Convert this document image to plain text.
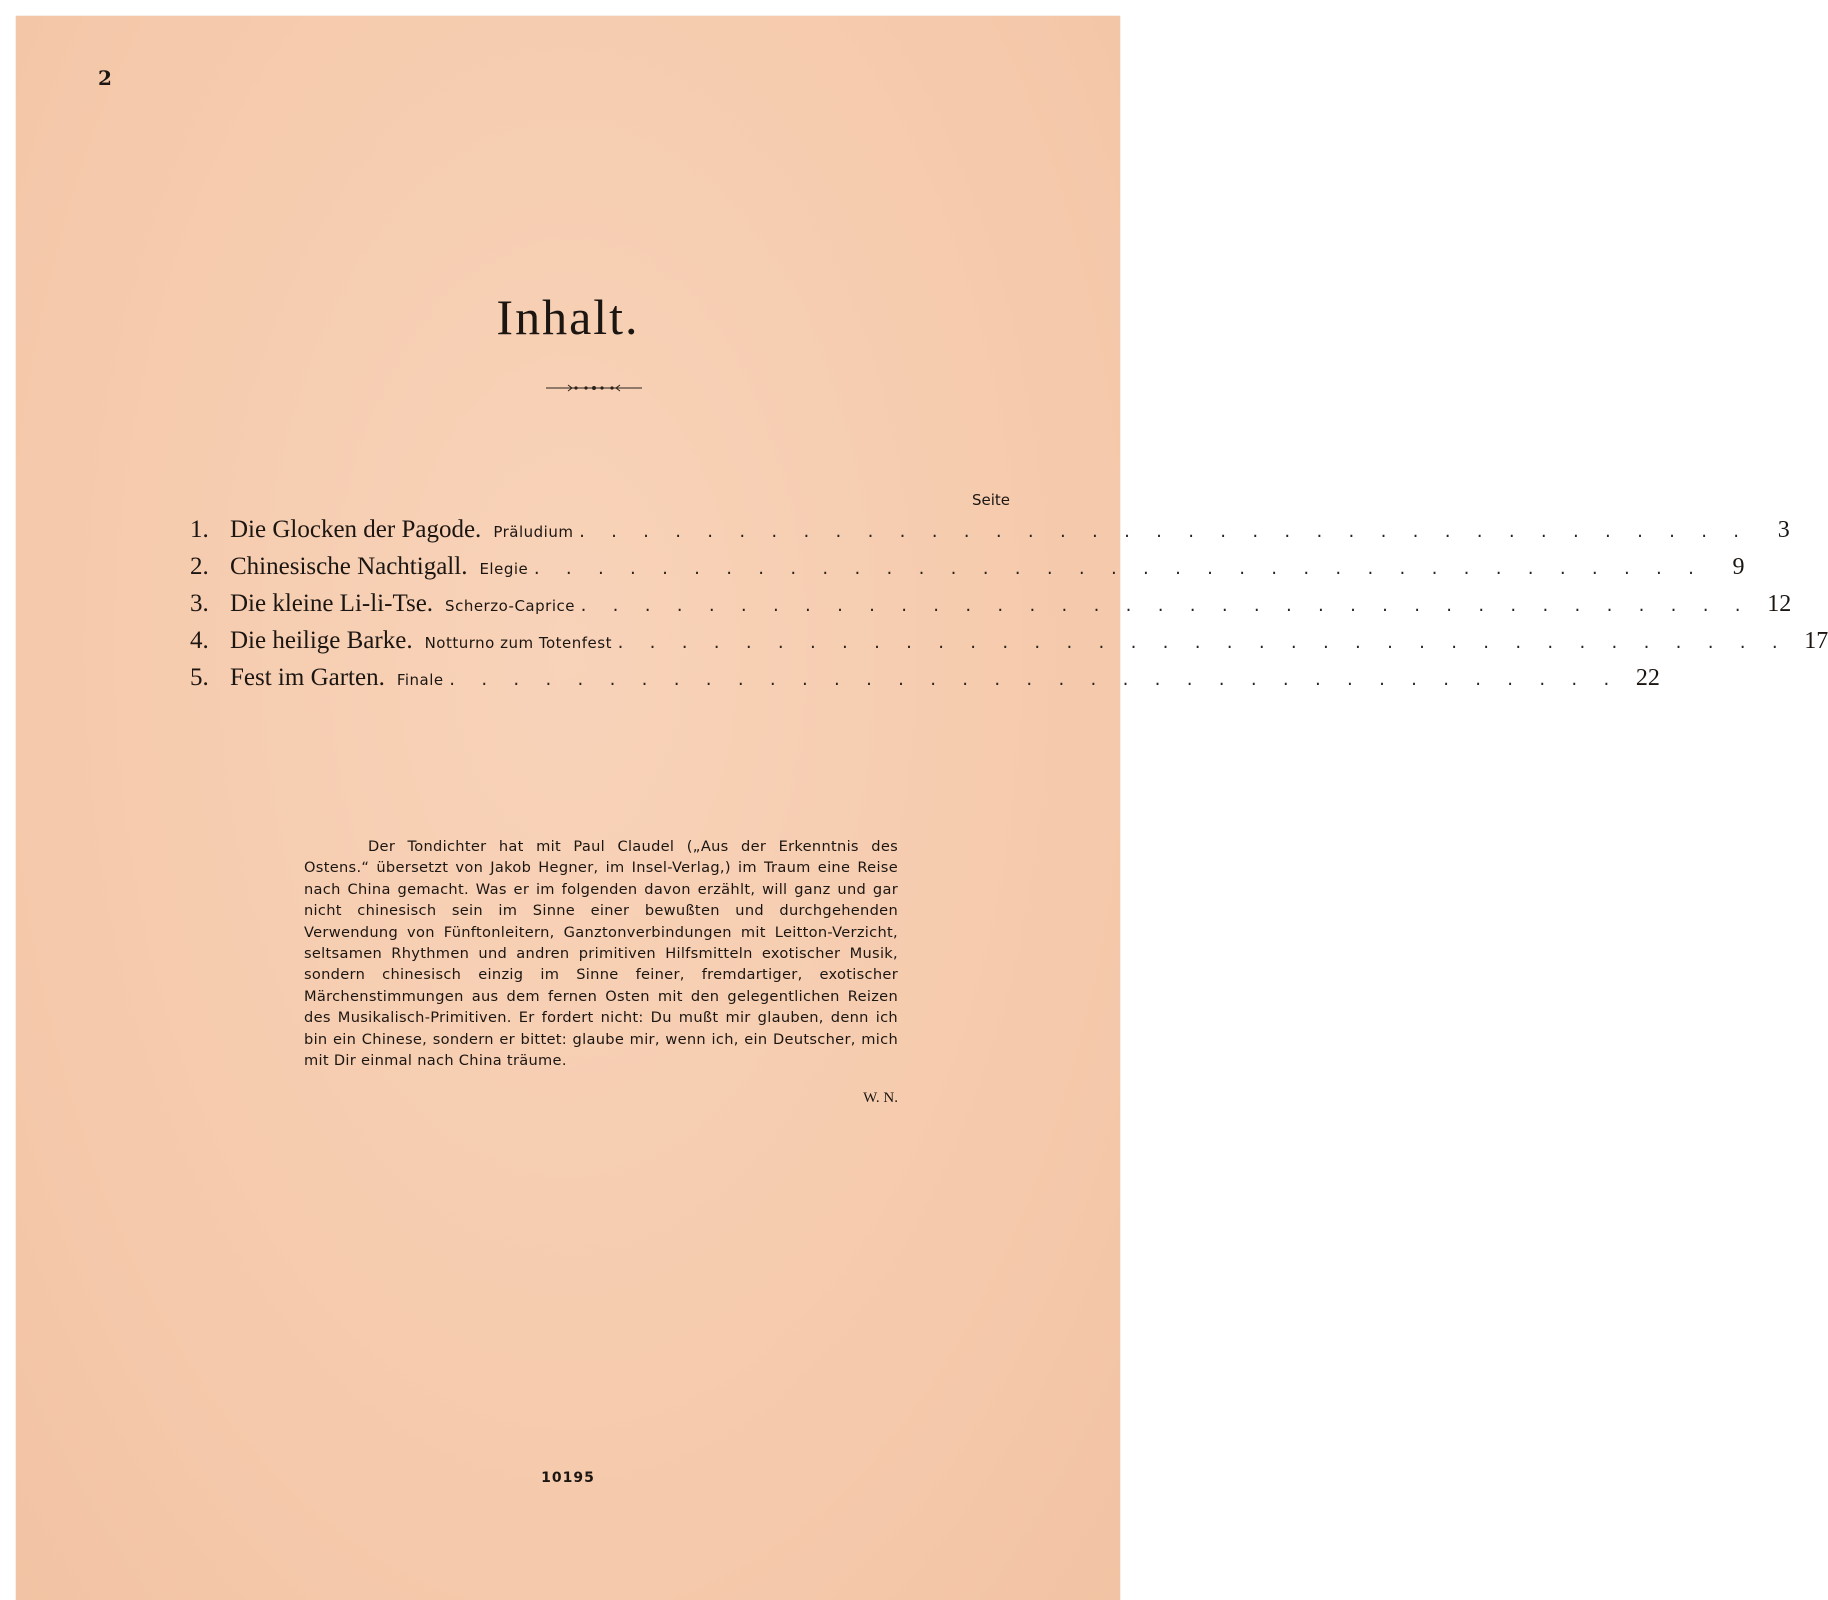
2
Inhalt.
Seite
1. Die Glocken der Pagode. Präludium . . . . . . . . . . . . . . . . . . . . . . . . . . . . . . . . . . . . .	3
2. Chinesische Nachtigall. Elegie . . . . . . . . . . . . . . . . . . . . . . . . . . . . . . . . . . . . .	9
3. Die kleine Li-li-Tse. Scherzo-Caprice . . . . . . . . . . . . . . . . . . . . . . . . . . . . . . . . . . . . . 12
4. Die heilige Barke. Notturno zum Totenfest . . . . . . . . . . . . . . . . . . . . . . . . . . . . . . . . . . . . . 17
5. Fest im Garten. Finale . . . . . . . . . . . . . . . . . . . . . . . . . . . . . . . . . . . . . 22

Der Tondichter hat mit Paul Claudel („Aus der Erkenntnis des Ostens.“ übersetzt von Jakob Hegner, im Insel-Verlag,) im Traum eine Reise nach China gemacht. Was er im folgenden davon erzählt, will ganz und gar nicht chinesisch sein im Sinne einer bewußten und durchgehenden Verwendung von Fünftonleitern, Ganztonverbindungen mit Leitton-Verzicht, seltsamen Rhythmen und andren primitiven Hilfsmitteln exotischer Musik, sondern chinesisch einzig im Sinne feiner, fremdartiger, exotischer Märchenstimmungen aus dem fernen Osten mit den gelegentlichen Reizen des Musikalisch-Primitiven. Er fordert nicht: Du mußt mir glauben, denn ich bin ein Chinese, sondern er bittet: glaube mir, wenn ich, ein Deutscher, mich mit Dir einmal nach China träume.

W. N.
10195
